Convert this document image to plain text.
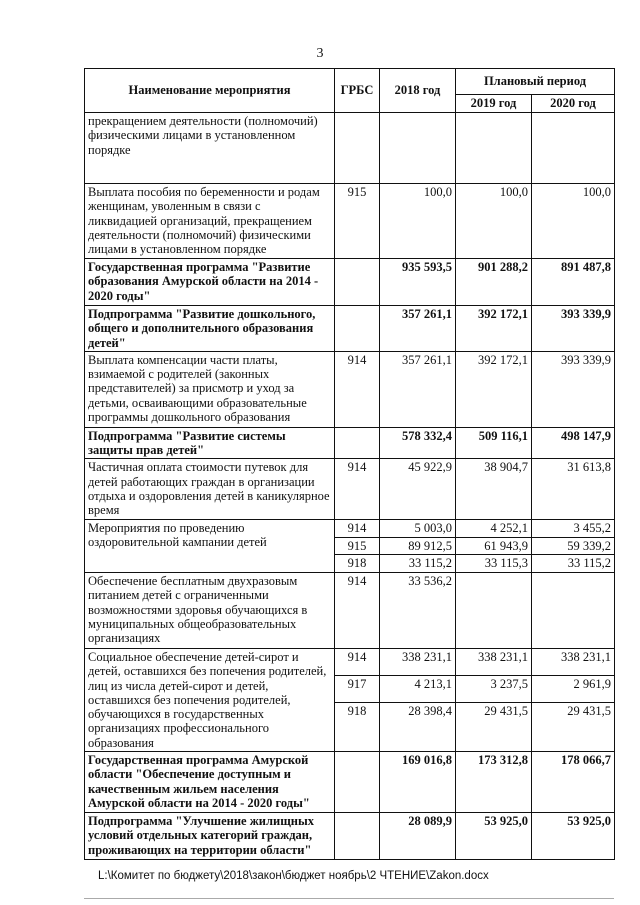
3
Наименование мероприятия	ГРБС	2018 год	Плановый период	
			2019 год	2020 год
прекращением деятельности (полномочий) физическими лицами в установленном порядке				
Выплата пособия по беременности и родам женщинам, уволенным в связи с ликвидацией организаций, прекращением деятельности (полномочий) физическими лицами в установленном порядке	915	100,0	100,0	100,0
Государственная программа "Развитие образования Амурской области на 2014 - 2020 годы"		935 593,5	901 288,2	891 487,8
Подпрограмма "Развитие дошкольного, общего и дополнительного образования детей"		357 261,1	392 172,1	393 339,9
Выплата компенсации части платы, взимаемой с родителей (законных представителей) за присмотр и уход за детьми, осваивающими образовательные программы дошкольного образования	914	357 261,1	392 172,1	393 339,9
Подпрограмма "Развитие системы защиты прав детей"		578 332,4	509 116,1	498 147,9
Частичная оплата стоимости путевок для детей работающих граждан в организации отдыха и оздоровления детей в каникулярное время	914	45 922,9	38 904,7	31 613,8
Мероприятия по проведению оздоровительной кампании детей	914	5 003,0	4 252,1	3 455,2
	915	89 912,5	61 943,9	59 339,2
	918	33 115,2	33 115,3	33 115,2
Обеспечение бесплатным двухразовым питанием детей с ограниченными возможностями здоровья обучающихся в муниципальных общеобразовательных организациях	914	33 536,2		
Социальное обеспечение детей-сирот и детей, оставшихся без попечения родителей, лиц из числа детей-сирот и детей, оставшихся без попечения родителей, обучающихся в государственных организациях профессионального образования	914	338 231,1	338 231,1	338 231,1
	917	4 213,1	3 237,5	2 961,9
	918	28 398,4	29 431,5	29 431,5
Государственная программа Амурской области "Обеспечение доступным и качественным жильем населения Амурской области на 2014 - 2020 годы"		169 016,8	173 312,8	178 066,7
Подпрограмма "Улучшение жилищных условий отдельных категорий граждан, проживающих на территории области"		28 089,9	53 925,0	53 925,0
L:\Комитет по бюджету\2018\закон\бюджет ноябрь\2 ЧТЕНИЕ\Zakon.docx
